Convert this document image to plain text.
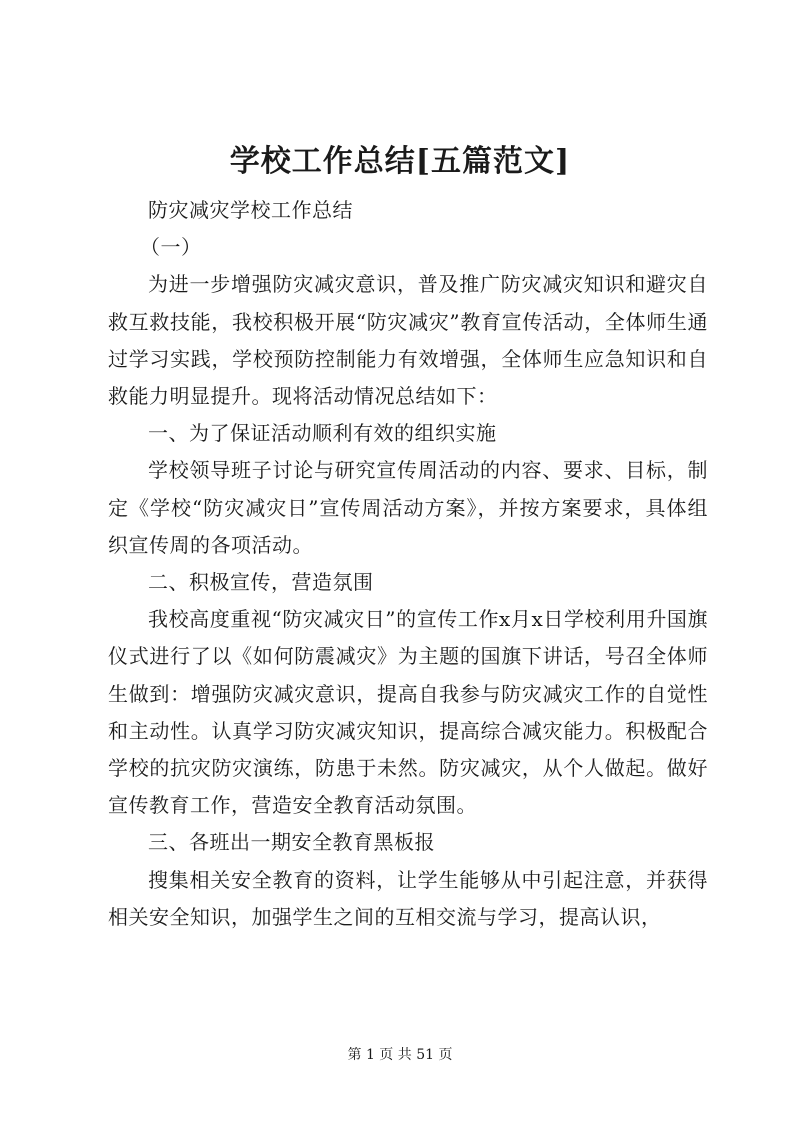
学校工作总结[五篇范文]

防灾减灾学校工作总结

（一）

为进一步增强防灾减灾意识，普及推广防灾减灾知识和避灾自救互救技能，我校积极开展“防灾减灾”教育宣传活动，全体师生通过学习实践，学校预防控制能力有效增强，全体师生应急知识和自救能力明显提升。现将活动情况总结如下：

一、为了保证活动顺利有效的组织实施

学校领导班子讨论与研究宣传周活动的内容、要求、目标，制定《学校“防灾减灾日”宣传周活动方案》，并按方案要求，具体组织宣传周的各项活动。

二、积极宣传，营造氛围

我校高度重视“防灾减灾日”的宣传工作x月x日学校利用升国旗仪式进行了以《如何防震减灾》为主题的国旗下讲话，号召全体师生做到：增强防灾减灾意识，提高自我参与防灾减灾工作的自觉性和主动性。认真学习防灾减灾知识，提高综合减灾能力。积极配合学校的抗灾防灾演练，防患于未然。防灾减灾，从个人做起。做好宣传教育工作，营造安全教育活动氛围。

三、各班出一期安全教育黑板报

搜集相关安全教育的资料，让学生能够从中引起注意，并获得相关安全知识，加强学生之间的互相交流与学习，提高认识，

第 1 页 共 51 页
